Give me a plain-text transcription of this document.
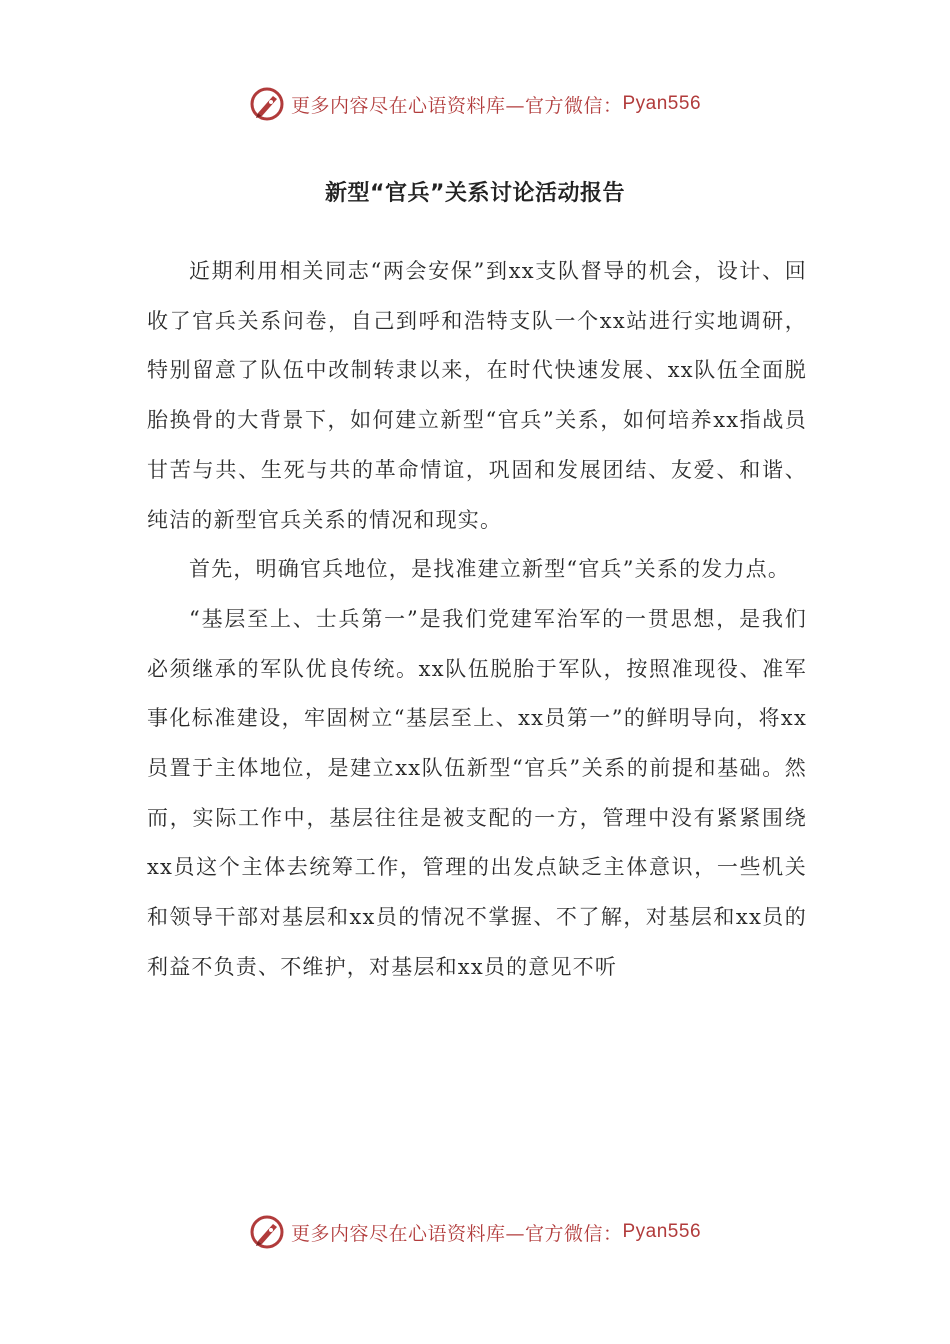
更多内容尽在心语资料库—官方微信： Pyan556
新型“官兵”关系讨论活动报告

近期利用相关同志“两会安保”到xx支队督导的机会，设计、回收了官兵关系问卷，自己到呼和浩特支队一个xx站进行实地调研，特别留意了队伍中改制转隶以来，在时代快速发展、xx队伍全面脱胎换骨的大背景下，如何建立新型“官兵”关系，如何培养xx指战员甘苦与共、生死与共的革命情谊，巩固和发展团结、友爱、和谐、纯洁的新型官兵关系的情况和现实。

首先，明确官兵地位，是找准建立新型“官兵”关系的发力点。

“基层至上、士兵第一”是我们党建军治军的一贯思想，是我们必须继承的军队优良传统。xx队伍脱胎于军队，按照准现役、准军事化标准建设，牢固树立“基层至上、xx员第一”的鲜明导向，将xx员置于主体地位，是建立xx队伍新型“官兵”关系的前提和基础。然而，实际工作中，基层往往是被支配的一方，管理中没有紧紧围绕xx员这个主体去统筹工作，管理的出发点缺乏主体意识，一些机关和领导干部对基层和xx员的情况不掌握、不了解，对基层和xx员的利益不负责、不维护，对基层和xx员的意见不听

更多内容尽在心语资料库—官方微信： Pyan556
